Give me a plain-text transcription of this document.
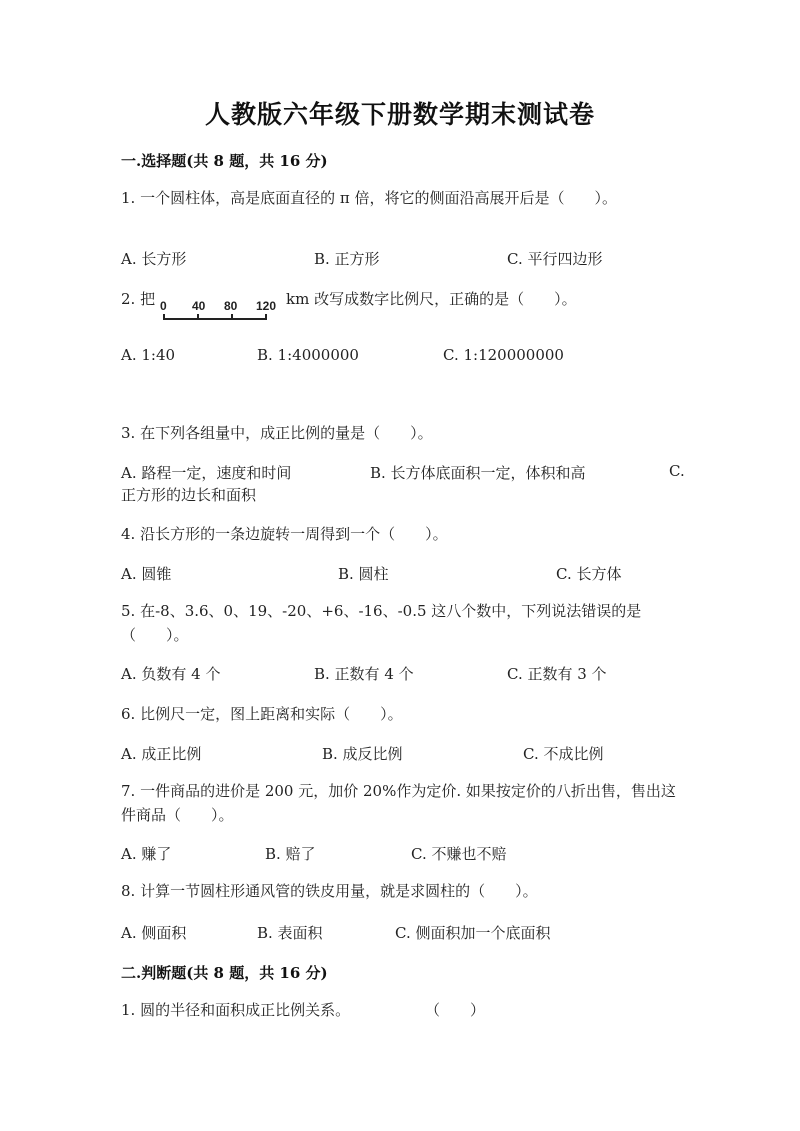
人教版六年级下册数学期末测试卷
一.选择题(共 8 题，共 16 分)
1. 一个圆柱体，高是底面直径的 π 倍，将它的侧面沿高展开后是（　　）。
A. 长方形	B. 正方形	C. 平行四边形
2. 把 0 40 80 120 km 改写成数字比例尺，正确的是（　　）。
A. 1:40	B. 1:4000000	C. 1:120000000
3. 在下列各组量中，成正比例的量是（　　）。
A. 路程一定，速度和时间	B. 长方体底面积一定，体积和高	C.
正方形的边长和面积
4. 沿长方形的一条边旋转一周得到一个（　　）。
A. 圆锥	B. 圆柱	C. 长方体
5. 在-8、3.6、0、19、-20、+6、-16、-0.5 这八个数中，下列说法错误的是（　　）。
A. 负数有 4 个	B. 正数有 4 个	C. 正数有 3 个
6. 比例尺一定，图上距离和实际（　　）。
A. 成正比例	B. 成反比例	C. 不成比例
7. 一件商品的进价是 200 元，加价 20%作为定价. 如果按定价的八折出售，售出这件商品（　　）。
A. 赚了	B. 赔了	C. 不赚也不赔
8. 计算一节圆柱形通风管的铁皮用量，就是求圆柱的（　　）。
A. 侧面积	B. 表面积	C. 侧面积加一个底面积
二.判断题(共 8 题，共 16 分)
1. 圆的半径和面积成正比例关系。	（　　）
